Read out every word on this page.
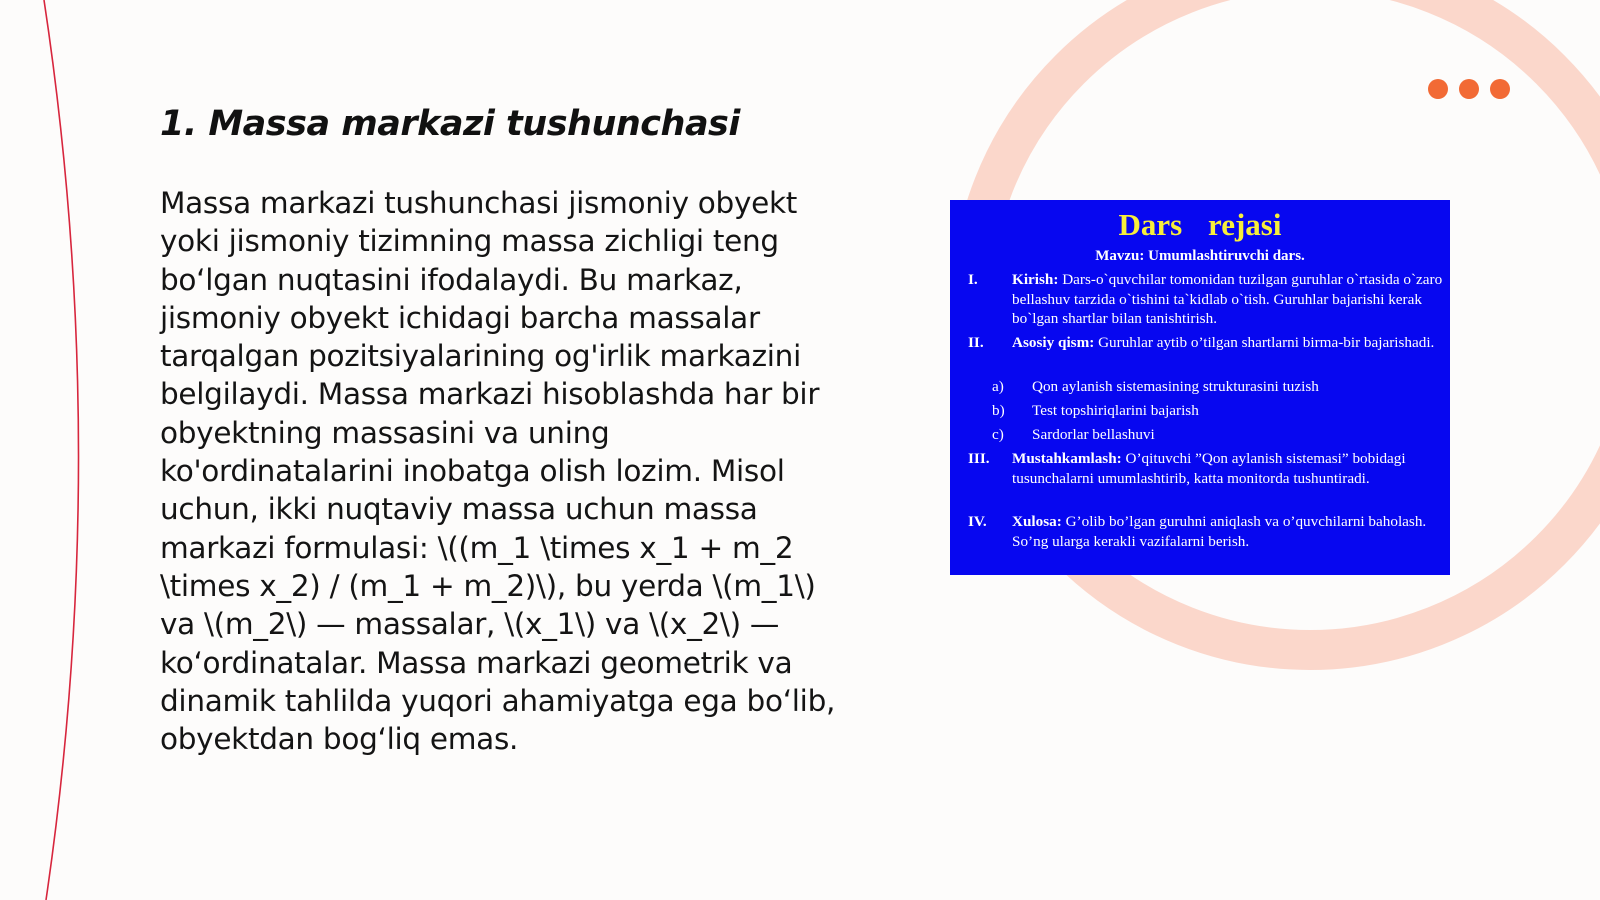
1. Massa markazi tushunchasi

Massa markazi tushunchasi jismoniy obyekt yoki jismoniy tizimning massa zichligi teng bo‘lgan nuqtasini ifodalaydi. Bu markaz, jismoniy obyekt ichidagi barcha massalar tarqalgan pozitsiyalarining og'irlik markazini belgilaydi. Massa markazi hisoblashda har bir obyektning massasini va uning ko'ordinatalarini inobatga olish lozim. Misol uchun, ikki nuqtaviy massa uchun massa markazi formulasi: \((m_1 \times x_1 + m_2 \times x_2) / (m_1 + m_2)\), bu yerda \(m_1\) va \(m_2\) — massalar, \(x_1\) va \(x_2\) — ko‘ordinatalar. Massa markazi geometrik va dinamik tahlilda yuqori ahamiyatga ega bo‘lib, obyektdan bog‘liq emas.

Dars rejasi
Mavzu: Umumlashtiruvchi dars.
I. Kirish: Dars-o`quvchilar tomonidan tuzilgan guruhlar o`rtasida o`zaro bellashuv tarzida o`tishini ta`kidlab o`tish. Guruhlar bajarishi kerak bo`lgan shartlar bilan tanishtirish.
II. Asosiy qism: Guruhlar aytib o’tilgan shartlarni birma-bir bajarishadi.
a) Qon aylanish sistemasining strukturasini tuzish
b) Test topshiriqlarini bajarish
c) Sardorlar bellashuvi
III. Mustahkamlash: O’qituvchi ”Qon aylanish sistemasi” bobidagi tusunchalarni umumlashtirib, katta monitorda tushuntiradi.
IV. Xulosa: G’olib bo’lgan guruhni aniqlash va o’quvchilarni baholash. So’ng ularga kerakli vazifalarni berish.
